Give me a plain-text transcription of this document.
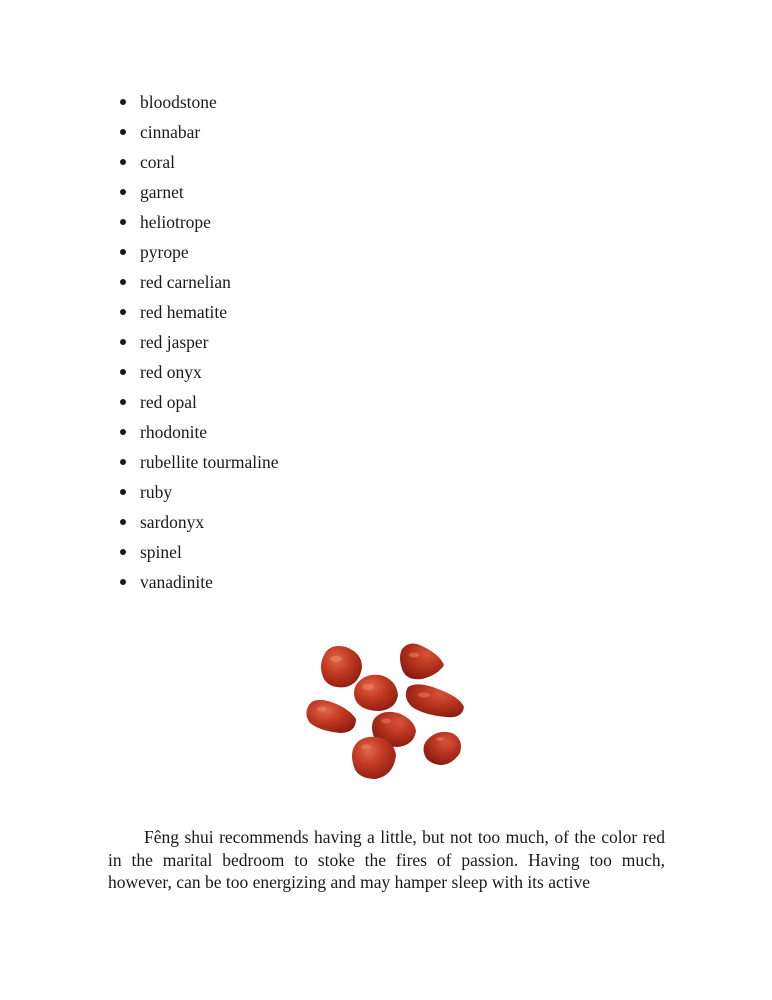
bloodstone
cinnabar
coral
garnet
heliotrope
pyrope
red carnelian
red hematite
red jasper
red onyx
red opal
rhodonite
rubellite tourmaline
ruby
sardonyx
spinel
vanadinite

Fêng shui recommends having a little, but not too much, of the color red in the marital bedroom to stoke the fires of passion. Having too much, however, can be too energizing and may hamper sleep with its active
